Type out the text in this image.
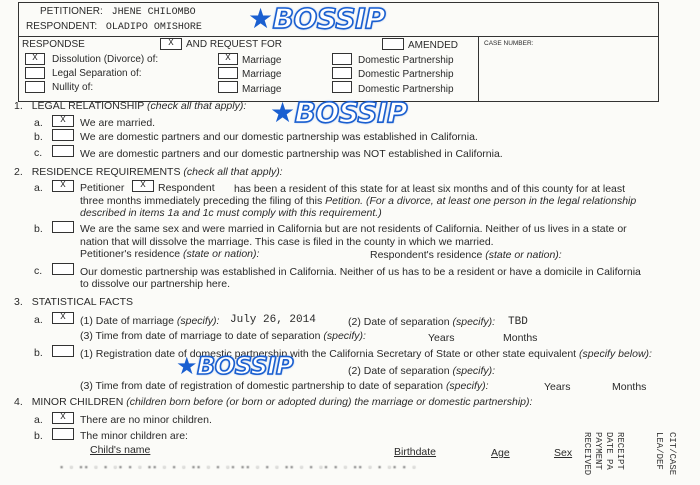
PETITIONER: JHENE CHILOMBO
RESPONDENT: OLADIPO OMISHORE
RESPONDSE	X	AND REQUEST FOR	AMENDED	CASE NUMBER:
X	Dissolution (Divorce) of:	X	Marriage	Domestic Partnership
Legal Separation of:	Marriage	Domestic Partnership
Nullity of:	Marriage	Domestic Partnership
1. LEGAL RELATIONSHIP (check all that apply):
a.	X	We are married.
b.	We are domestic partners and our domestic partnership was established in California.
c.	We are domestic partners and our domestic partnership was NOT established in California.
2. RESIDENCE REQUIREMENTS (check all that apply):
a.	X	Petitioner	X	Respondent has been a resident of this state for at least six months and of this county for at least
three months immediately preceding the filing of this Petition. (For a divorce, at least one person in the legal relationship
described in items 1a and 1c must comply with this requirement.)
b.	We are the same sex and were married in California but are not residents of California. Neither of us lives in a state or
nation that will dissolve the marriage. This case is filed in the county in which we married.
Petitioner's residence (state or nation):	Respondent's residence (state or nation):
c.	Our domestic partnership was established in California. Neither of us has to be a resident or have a domicile in California
to dissolve our partnership here.
3. STATISTICAL FACTS
a.	X	(1) Date of marriage (specify): July 26, 2014	(2) Date of separation (specify): TBD
(3) Time from date of marriage to date of separation (specify):	Years	Months
b.	(1) Registration date of domestic partnership with the California Secretary of State or other state equivalent (specify below):
(2) Date of separation (specify):
(3) Time from date of registration of domestic partnership to date of separation (specify):	Years	Months
4. MINOR CHILDREN (children born before (or born or adopted during) the marriage or domestic partnership):
a.	X	There are no minor children.
b.	The minor children are:
Child's name	Birthdate	Age	Sex
▪ ▫ ▪▪ ▫ ▪ ▫▪ ▪ ▫ ▪▪ ▫ ▪ ▫ ▪▪ ▫ ▪ ▫▪ ▪▪ ▫ ▪ ▫ ▪▪ ▫ ▪ ▫▪ ▪ ▫ ▪▪ ▫ ▪ ▫▪ ▪ ▫	RECEIVED PAYMENT DATE PA RECEIPT	LEA/DEF CIT/CASE
★BOSSIP
★BOSSIP
★BOSSIP
